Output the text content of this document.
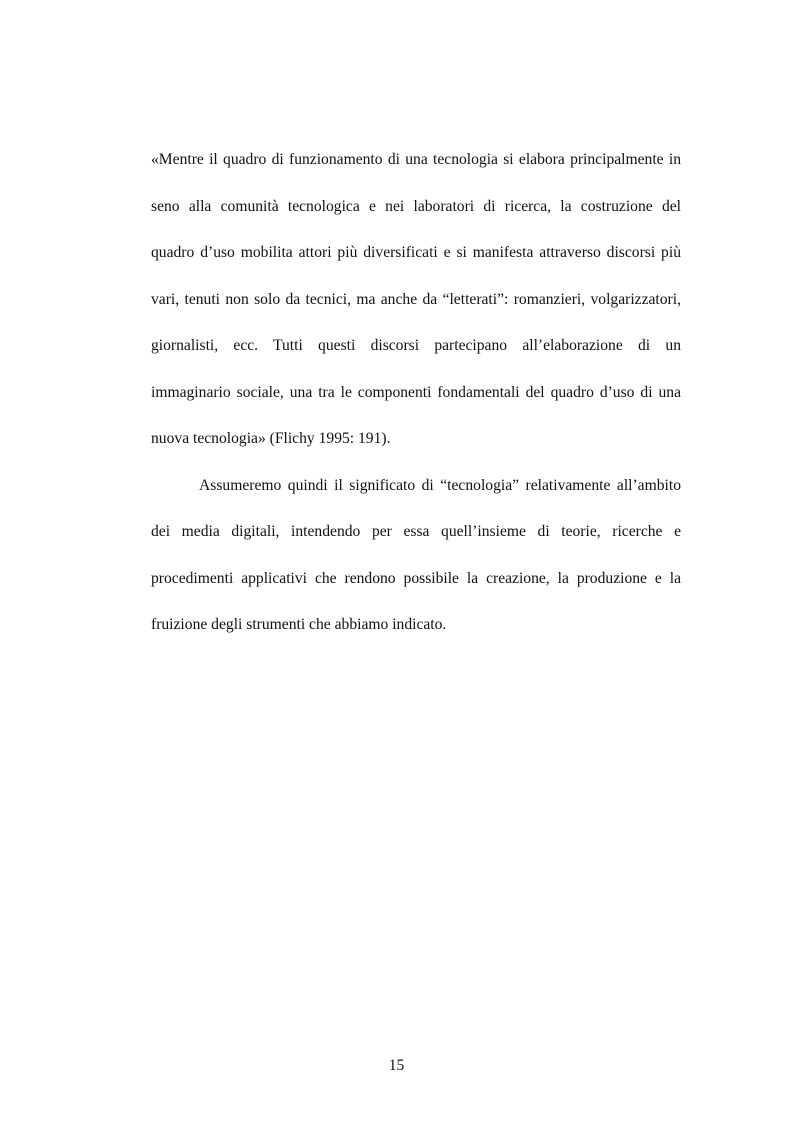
«Mentre il quadro di funzionamento di una tecnologia si elabora principalmente in
seno alla comunità tecnologica e nei laboratori di ricerca, la costruzione del
quadro d’uso mobilita attori più diversificati e si manifesta attraverso discorsi più
vari, tenuti non solo da tecnici, ma anche da “letterati”: romanzieri, volgarizzatori,
giornalisti, ecc. Tutti questi discorsi partecipano all’elaborazione di un
immaginario sociale, una tra le componenti fondamentali del quadro d’uso di una
nuova tecnologia» (Flichy 1995: 191).
Assumeremo quindi il significato di “tecnologia” relativamente all’ambito
dei media digitali, intendendo per essa quell’insieme di teorie, ricerche e
procedimenti applicativi che rendono possibile la creazione, la produzione e la
fruizione degli strumenti che abbiamo indicato.
15
